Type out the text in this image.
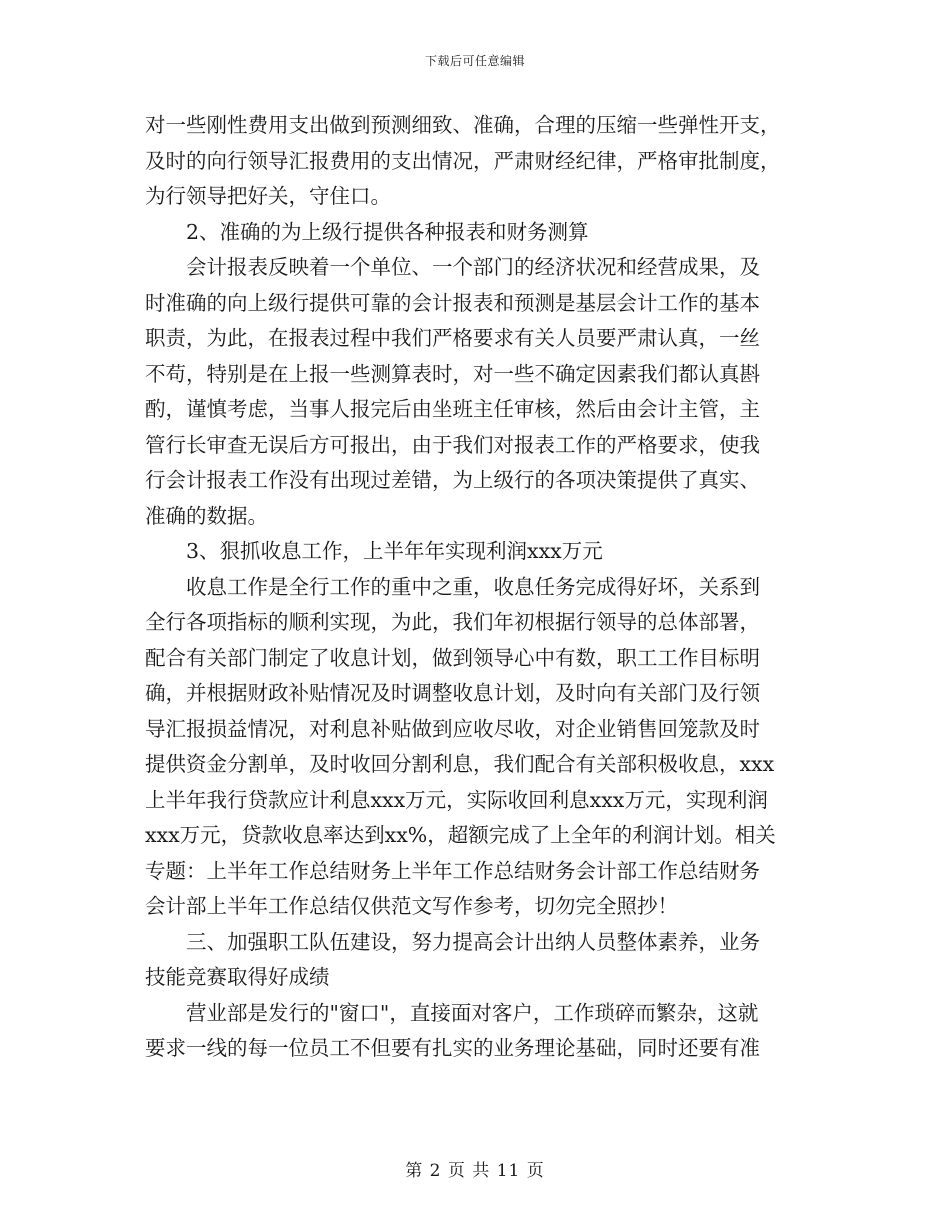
下载后可任意编辑
对一些刚性费用支出做到预测细致、准确，合理的压缩一些弹性开支，
及时的向行领导汇报费用的支出情况，严肃财经纪律，严格审批制度，
为行领导把好关，守住口。
2、准确的为上级行提供各种报表和财务测算
会计报表反映着一个单位、一个部门的经济状况和经营成果，及
时准确的向上级行提供可靠的会计报表和预测是基层会计工作的基本
职责，为此，在报表过程中我们严格要求有关人员要严肃认真，一丝
不苟，特别是在上报一些测算表时，对一些不确定因素我们都认真斟
酌，谨慎考虑，当事人报完后由坐班主任审核，然后由会计主管，主
管行长审查无误后方可报出，由于我们对报表工作的严格要求，使我
行会计报表工作没有出现过差错，为上级行的各项决策提供了真实、
准确的数据。
3、狠抓收息工作，上半年年实现利润xxx万元
收息工作是全行工作的重中之重，收息任务完成得好坏，关系到
全行各项指标的顺利实现，为此，我们年初根据行领导的总体部署，
配合有关部门制定了收息计划，做到领导心中有数，职工工作目标明
确，并根据财政补贴情况及时调整收息计划，及时向有关部门及行领
导汇报损益情况，对利息补贴做到应收尽收，对企业销售回笼款及时
提供资金分割单，及时收回分割利息，我们配合有关部积极收息，xxx
上半年我行贷款应计利息xxx万元，实际收回利息xxx万元，实现利润
xxx万元，贷款收息率达到xx%，超额完成了上全年的利润计划。相关
专题：上半年工作总结财务上半年工作总结财务会计部工作总结财务
会计部上半年工作总结仅供范文写作参考，切勿完全照抄！
三、加强职工队伍建设，努力提高会计出纳人员整体素养，业务
技能竞赛取得好成绩
营业部是发行的"窗口"，直接面对客户，工作琐碎而繁杂，这就
要求一线的每一位员工不但要有扎实的业务理论基础，同时还要有准
第 2 页 共 11 页
